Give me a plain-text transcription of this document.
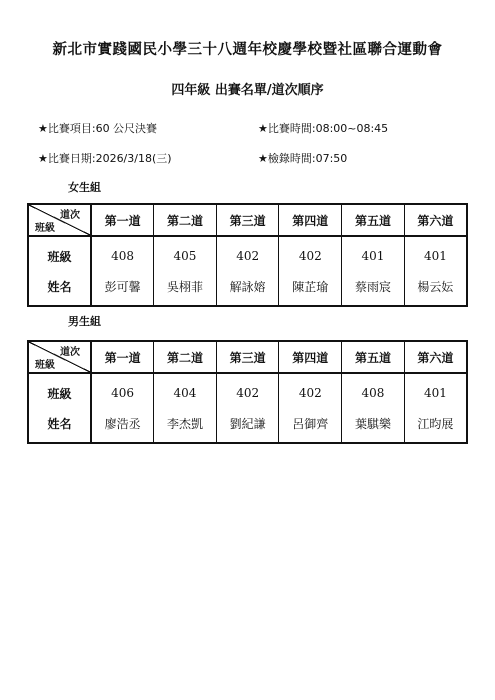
新北市實踐國民小學三十八週年校慶學校暨社區聯合運動會
四年級 出賽名單/道次順序
★比賽項目:60 公尺決賽	★比賽時間:08:00~08:45
★比賽日期:2026/3/18(三)	★檢錄時間:07:50
女生組
道次
班級	第一道	第二道	第三道	第四道	第五道	第六道
班級	408	405	402	402	401	401
姓名	彭可馨	吳栩菲	解詠嫆	陳芷瑜	蔡雨宸	楊云妘
男生組
道次
班級	第一道	第二道	第三道	第四道	第五道	第六道
班級	406	404	402	402	408	401
姓名	廖浩丞	李杰凱	劉紀謙	呂御齊	葉騏樂	江昀展
